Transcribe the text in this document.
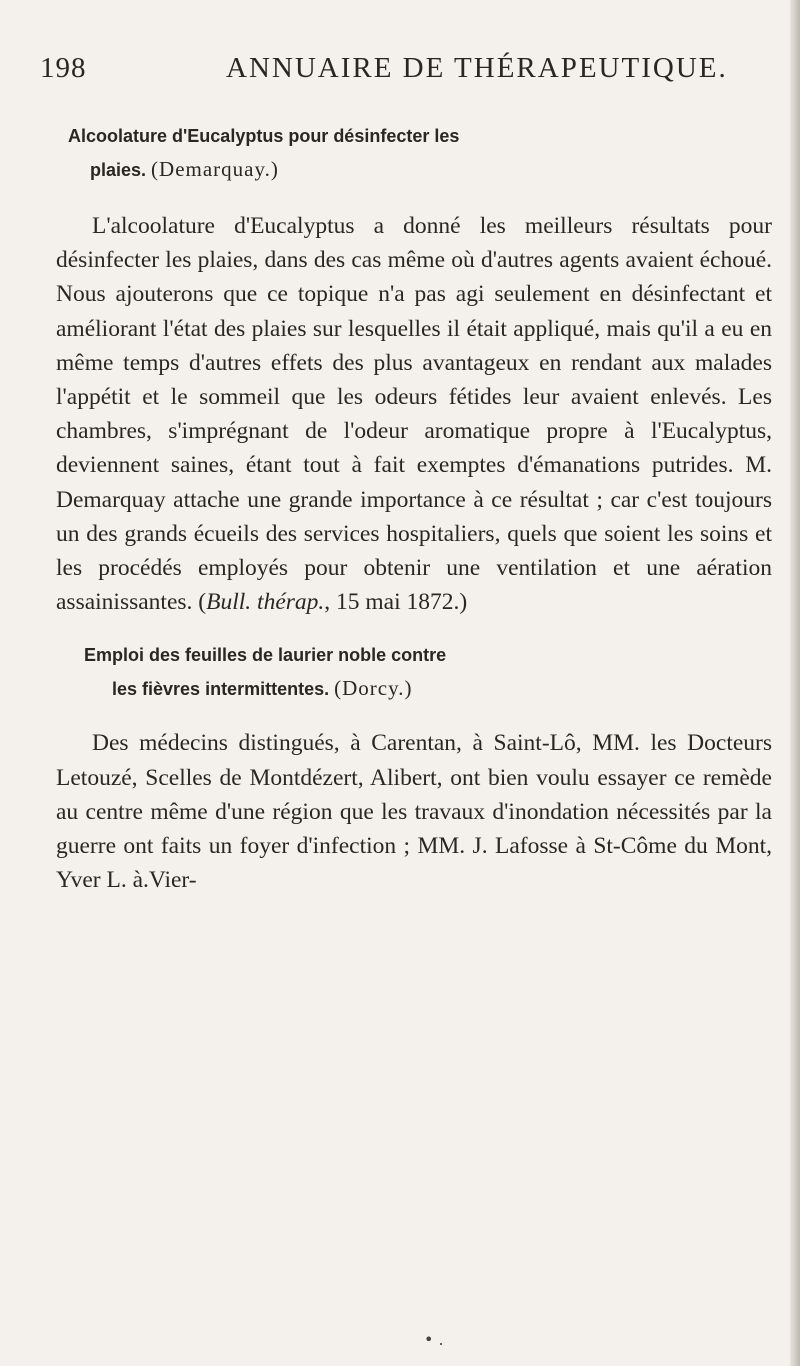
198	ANNUAIRE DE THÉRAPEUTIQUE.

Alcoolature d'Eucalyptus pour désinfecter les
plaies. (Demarquay.)

L'alcoolature d'Eucalyptus a donné les meilleurs résultats pour désinfecter les plaies, dans des cas même où d'autres agents avaient échoué. Nous ajouterons que ce topique n'a pas agi seulement en désinfectant et améliorant l'état des plaies sur lesquelles il était appliqué, mais qu'il a eu en même temps d'autres effets des plus avantageux en rendant aux malades l'appétit et le sommeil que les odeurs fétides leur avaient enlevés. Les chambres, s'imprégnant de l'odeur aromatique propre à l'Eucalyptus, deviennent saines, étant tout à fait exemptes d'émanations putrides. M. Demarquay attache une grande importance à ce résultat ; car c'est toujours un des grands écueils des services hospitaliers, quels que soient les soins et les procédés employés pour obtenir une ventilation et une aération assainissantes. (Bull. thérap., 15 mai 1872.)

Emploi des feuilles de laurier noble contre
les fièvres intermittentes. (Dorcy.)

Des médecins distingués, à Carentan, à Saint-Lô, MM. les Docteurs Letouzé, Scelles de Montdézert, Alibert, ont bien voulu essayer ce remède au centre même d'une région que les travaux d'inondation nécessités par la guerre ont faits un foyer d'infection ; MM. J. Lafosse à St-Côme du Mont, Yver L. à.Vier-

• .
